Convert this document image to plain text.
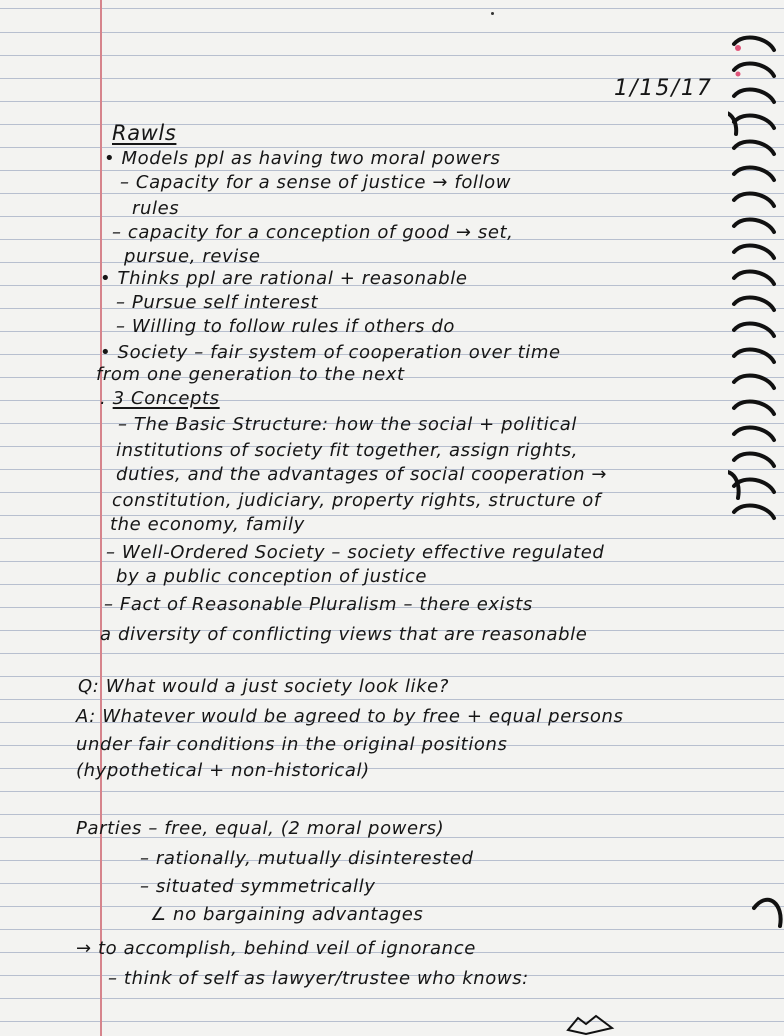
1/15/17
Rawls
• Models ppl as having two moral powers
– Capacity for a sense of justice → follow
rules
– capacity for a conception of good → set,
pursue, revise
• Thinks ppl are rational + reasonable
– Pursue self interest
– Willing to follow rules if others do
• Society – fair system of cooperation over time
from one generation to the next
. 3 Concepts
– The Basic Structure: how the social + political
institutions of society fit together, assign rights,
duties, and the advantages of social cooperation →
constitution, judiciary, property rights, structure of
the economy, family
– Well-Ordered Society – society effective regulated
by a public conception of justice
– Fact of Reasonable Pluralism – there exists
a diversity of conflicting views that are reasonable
Q: What would a just society look like?
A: Whatever would be agreed to by free + equal persons
under fair conditions in the original positions
(hypothetical + non-historical)
Parties – free, equal, (2 moral powers)
– rationally, mutually disinterested
– situated symmetrically
∠ no bargaining advantages
→ to accomplish, behind veil of ignorance
– think of self as lawyer/trustee who knows:
